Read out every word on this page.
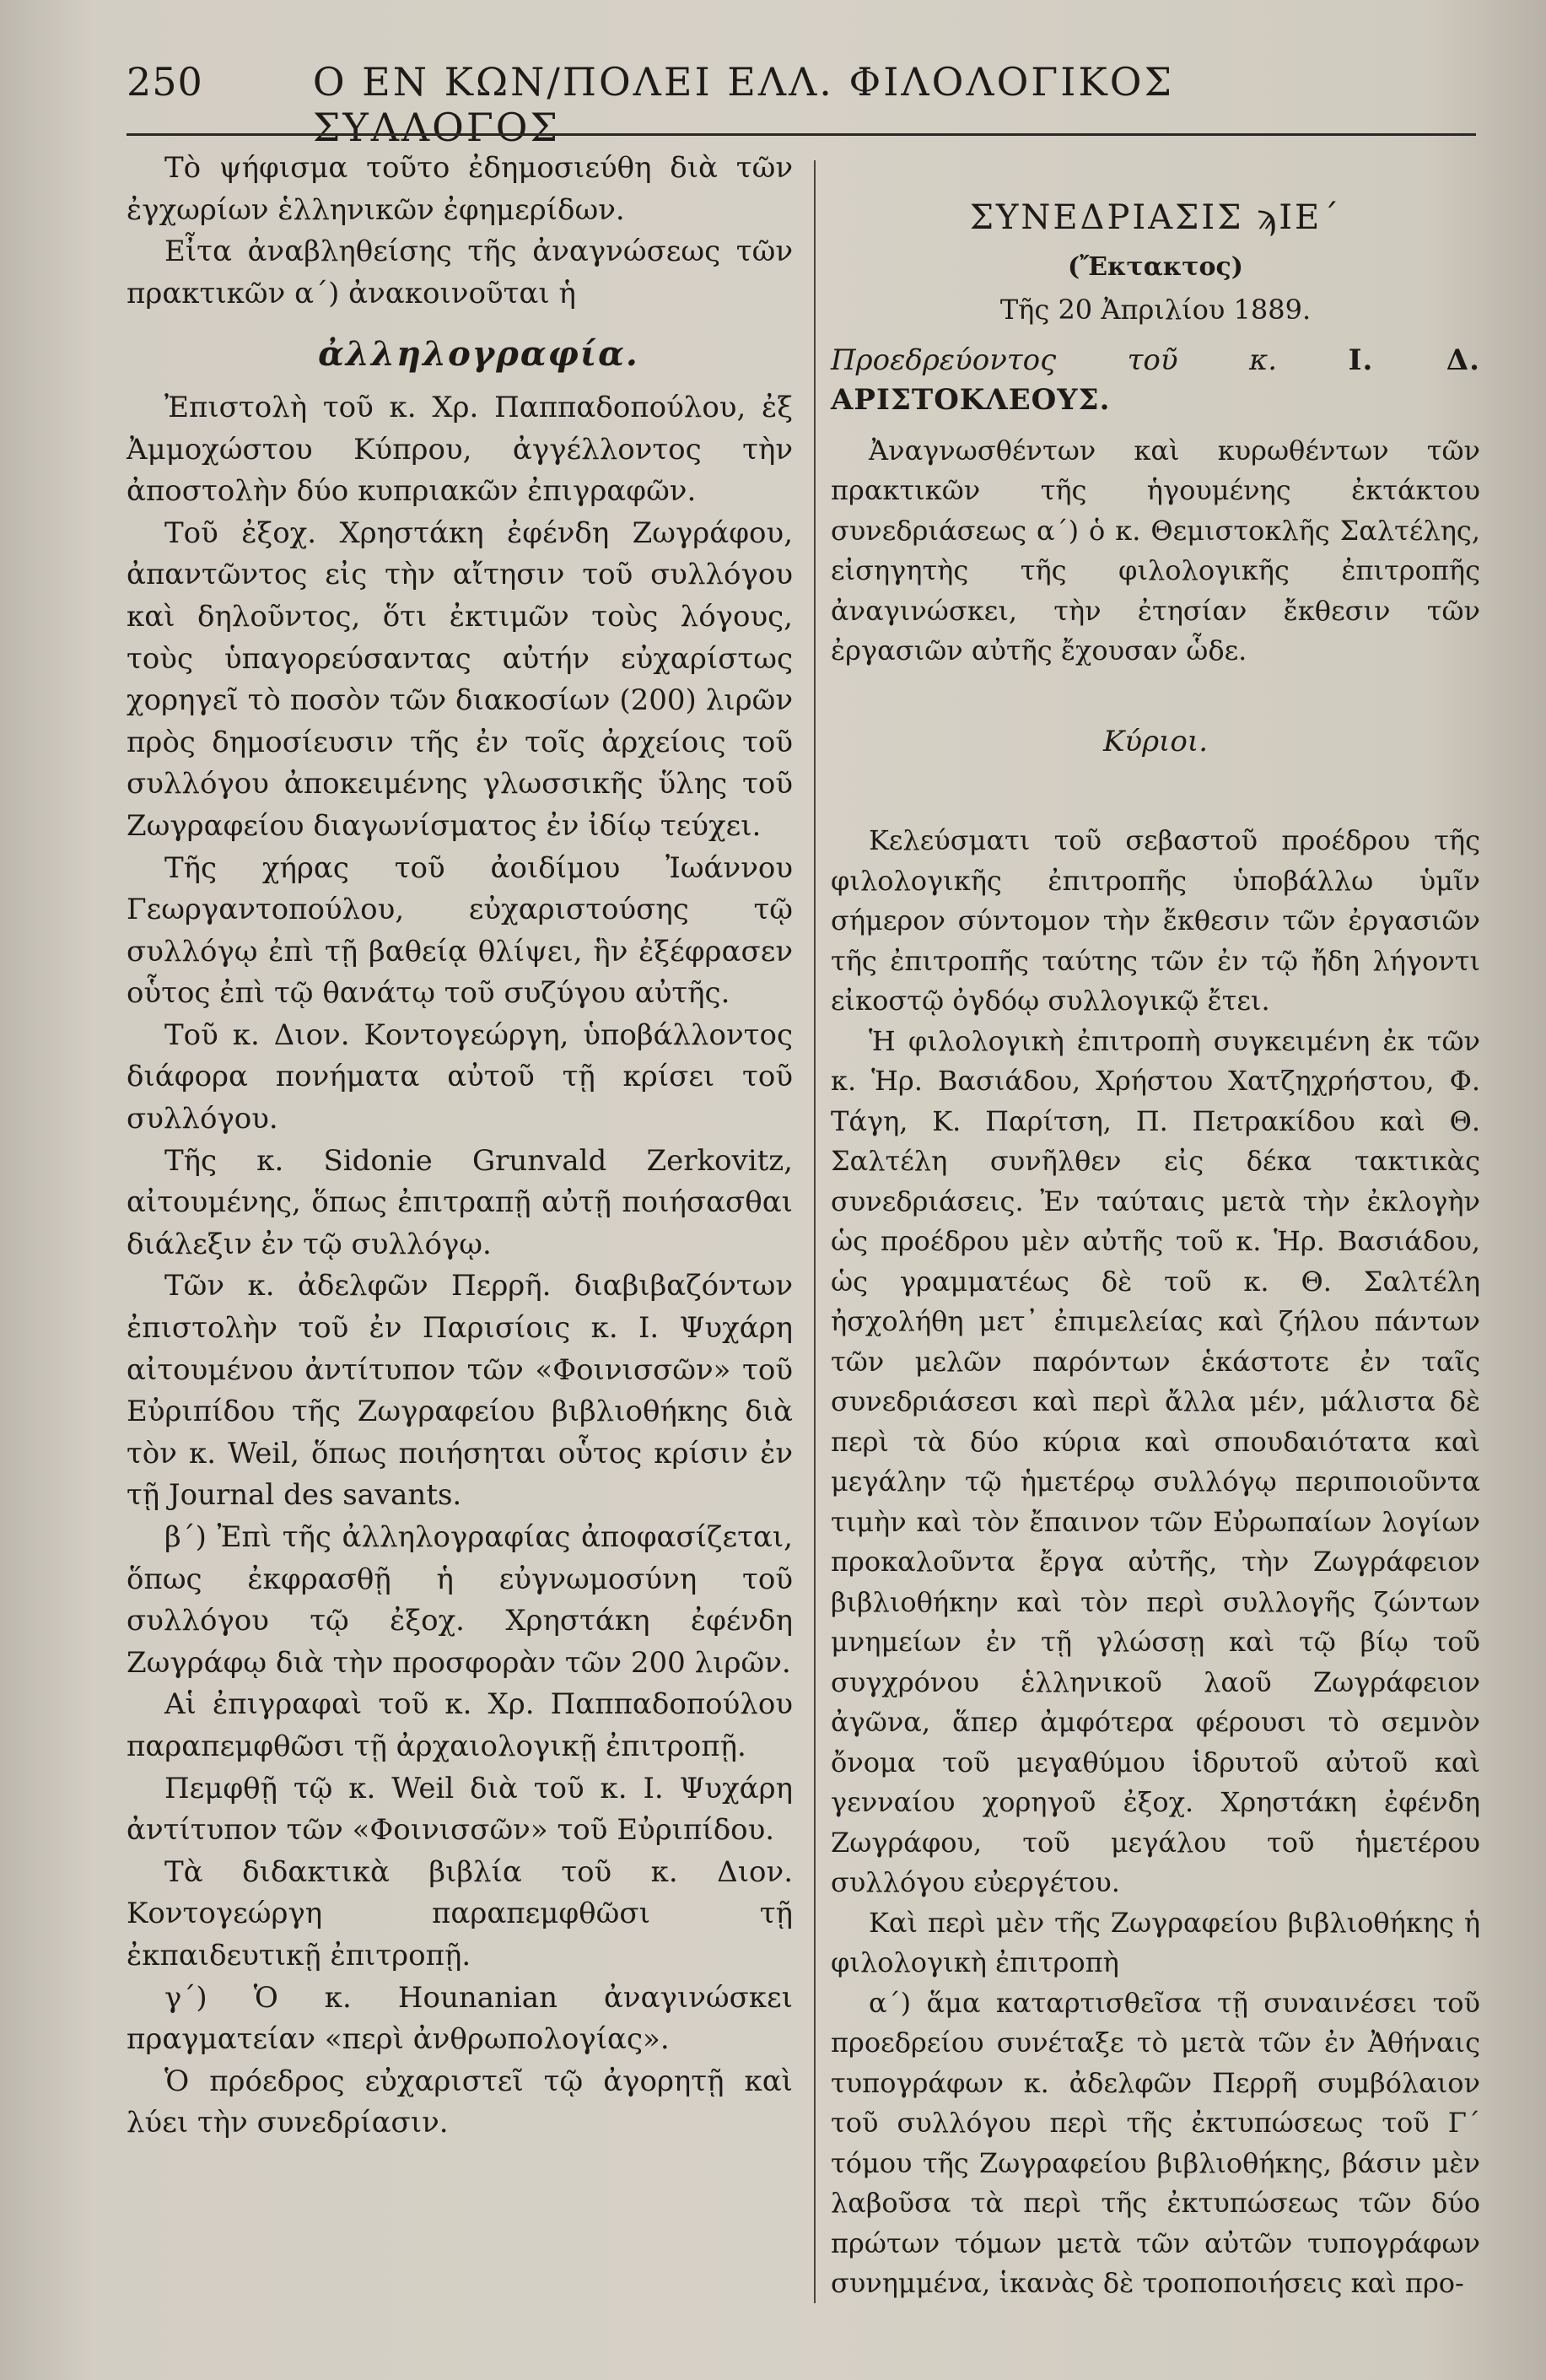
250	Ο ΕΝ ΚΩΝ/ΠΟΛΕΙ ΕΛΛ. ΦΙΛΟΛΟΓΙΚΟΣ ΣΥΛΛΟΓΟΣ

Τὸ ψήφισμα τοῦτο ἐδημοσιεύθη διὰ τῶν ἐγχωρίων ἑλληνικῶν ἐφημερίδων.

Εἶτα ἀναβληθείσης τῆς ἀναγνώσεως τῶν πρακτικῶν α΄) ἀνακοινοῦται ἡ

ἀλληλογραφία.

Ἐπιστολὴ τοῦ κ. Χρ. Παππαδοπούλου, ἐξ Ἀμμοχώστου Κύπρου, ἀγγέλλοντος τὴν ἀποστολὴν δύο κυπριακῶν ἐπιγραφῶν.

Τοῦ ἐξοχ. Χρηστάκη ἐφένδη Ζωγράφου, ἀπαντῶντος εἰς τὴν αἴτησιν τοῦ συλλόγου καὶ δηλοῦντος, ὅτι ἐκτιμῶν τοὺς λόγους, τοὺς ὑπαγορεύσαντας αὐτήν εὐχαρίστως χορηγεῖ τὸ ποσὸν τῶν διακοσίων (200) λιρῶν πρὸς δημοσίευσιν τῆς ἐν τοῖς ἀρχείοις τοῦ συλλόγου ἀποκειμένης γλωσσικῆς ὕλης τοῦ Ζωγραφείου διαγωνίσματος ἐν ἰδίῳ τεύχει.

Τῆς χήρας τοῦ ἀοιδίμου Ἰωάννου Γεωργαντοπούλου, εὐχαριστούσης τῷ συλλόγῳ ἐπὶ τῇ βαθείᾳ θλίψει, ἣν ἐξέφρασεν οὗτος ἐπὶ τῷ θανάτῳ τοῦ συζύγου αὐτῆς.

Τοῦ κ. Διον. Κοντογεώργη, ὑποβάλλοντος διάφορα πονήματα αὐτοῦ τῇ κρίσει τοῦ συλλόγου.

Τῆς κ. Sidonie Grunvald Zerkovitz, αἰτουμένης, ὅπως ἐπιτραπῇ αὐτῇ ποιήσασθαι διάλεξιν ἐν τῷ συλλόγῳ.

Τῶν κ. ἀδελφῶν Περρῆ. διαβιβαζόντων ἐπιστολὴν τοῦ ἐν Παρισίοις κ. Ι. Ψυχάρη αἰτουμένου ἀντίτυπον τῶν «Φοινισσῶν» τοῦ Εὐριπίδου τῆς Ζωγραφείου βιβλιοθήκης διὰ τὸν κ. Weil, ὅπως ποιήσηται οὗτος κρίσιν ἐν τῇ Journal des savants.

β΄) Ἐπὶ τῆς ἀλληλογραφίας ἀποφασίζεται, ὅπως ἐκφρασθῇ ἡ εὐγνωμοσύνη τοῦ συλλόγου τῷ ἐξοχ. Χρηστάκη ἐφένδη Ζωγράφῳ διὰ τὴν προσφορὰν τῶν 200 λιρῶν.

Αἱ ἐπιγραφαὶ τοῦ κ. Χρ. Παππαδοπούλου παραπεμφθῶσι τῇ ἀρχαιολογικῇ ἐπιτροπῇ.

Πεμφθῇ τῷ κ. Weil διὰ τοῦ κ. Ι. Ψυχάρη ἀντίτυπον τῶν «Φοινισσῶν» τοῦ Εὐριπίδου.

Τὰ διδακτικὰ βιβλία τοῦ κ. Διον. Κοντογεώργη παραπεμφθῶσι τῇ ἐκπαιδευτικῇ ἐπιτροπῇ.

γ΄) Ὁ κ. Hounanian ἀναγινώσκει πραγματείαν «περὶ ἀνθρωπολογίας».

Ὁ πρόεδρος εὐχαριστεῖ τῷ ἀγορητῇ καὶ λύει τὴν συνεδρίασιν.

ΣΥΝΕΔΡΙΑΣΙΣ ϡΙΕ΄

(Ἔκτακτος)

Τῆς 20 Ἀπριλίου 1889.

Προεδρεύοντος τοῦ κ. Ι. Δ. ΑΡΙΣΤΟΚΛΕΟΥΣ.

Ἀναγνωσθέντων καὶ κυρωθέντων τῶν πρακτικῶν τῆς ἡγουμένης ἐκτάκτου συνεδριάσεως α΄) ὁ κ. Θεμιστοκλῆς Σαλτέλης, εἰσηγητὴς τῆς φιλολογικῆς ἐπιτροπῆς ἀναγινώσκει, τὴν ἐτησίαν ἔκθεσιν τῶν ἐργασιῶν αὐτῆς ἔχουσαν ὧδε.

Κύριοι.

Κελεύσματι τοῦ σεβαστοῦ προέδρου τῆς φιλολογικῆς ἐπιτροπῆς ὑποβάλλω ὑμῖν σήμερον σύντομον τὴν ἔκθεσιν τῶν ἐργασιῶν τῆς ἐπιτροπῆς ταύτης τῶν ἐν τῷ ἤδη λήγοντι εἰκοστῷ ὀγδόῳ συλλογικῷ ἔτει.

Ἡ φιλολογικὴ ἐπιτροπὴ συγκειμένη ἐκ τῶν κ. Ἡρ. Βασιάδου, Χρήστου Χατζηχρήστου, Φ. Τάγη, Κ. Παρίτση, Π. Πετρακίδου καὶ Θ. Σαλτέλη συνῆλθεν εἰς δέκα τακτικὰς συνεδριάσεις. Ἐν ταύταις μετὰ τὴν ἐκλογὴν ὡς προέδρου μὲν αὐτῆς τοῦ κ. Ἡρ. Βασιάδου, ὡς γραμματέως δὲ τοῦ κ. Θ. Σαλτέλη ἠσχολήθη μετ᾽ ἐπιμελείας καὶ ζήλου πάντων τῶν μελῶν παρόντων ἑκάστοτε ἐν ταῖς συνεδριάσεσι καὶ περὶ ἄλλα μέν, μάλιστα δὲ περὶ τὰ δύο κύρια καὶ σπουδαιότατα καὶ μεγάλην τῷ ἡμετέρῳ συλλόγῳ περιποιοῦντα τιμὴν καὶ τὸν ἔπαινον τῶν Εὐρωπαίων λογίων προκαλοῦντα ἔργα αὐτῆς, τὴν Ζωγράφειον βιβλιοθήκην καὶ τὸν περὶ συλλογῆς ζώντων μνημείων ἐν τῇ γλώσσῃ καὶ τῷ βίῳ τοῦ συγχρόνου ἑλληνικοῦ λαοῦ Ζωγράφειον ἀγῶνα, ἅπερ ἀμφότερα φέρουσι τὸ σεμνὸν ὄνομα τοῦ μεγαθύμου ἱδρυτοῦ αὐτοῦ καὶ γενναίου χορηγοῦ ἐξοχ. Χρηστάκη ἐφένδη Ζωγράφου, τοῦ μεγάλου τοῦ ἡμετέρου συλλόγου εὐεργέτου.

Καὶ περὶ μὲν τῆς Ζωγραφείου βιβλιοθήκης ἡ φιλολογικὴ ἐπιτροπὴ

α΄) ἅμα καταρτισθεῖσα τῇ συναινέσει τοῦ προεδρείου συνέταξε τὸ μετὰ τῶν ἐν Ἀθήναις τυπογράφων κ. ἀδελφῶν Περρῆ συμβόλαιον τοῦ συλλόγου περὶ τῆς ἐκτυπώσεως τοῦ Γ΄ τόμου τῆς Ζωγραφείου βιβλιοθήκης, βάσιν μὲν λαβοῦσα τὰ περὶ τῆς ἐκτυπώσεως τῶν δύο πρώτων τόμων μετὰ τῶν αὐτῶν τυπογράφων συνημμένα, ἱκανὰς δὲ τροποποιήσεις καὶ προ-
